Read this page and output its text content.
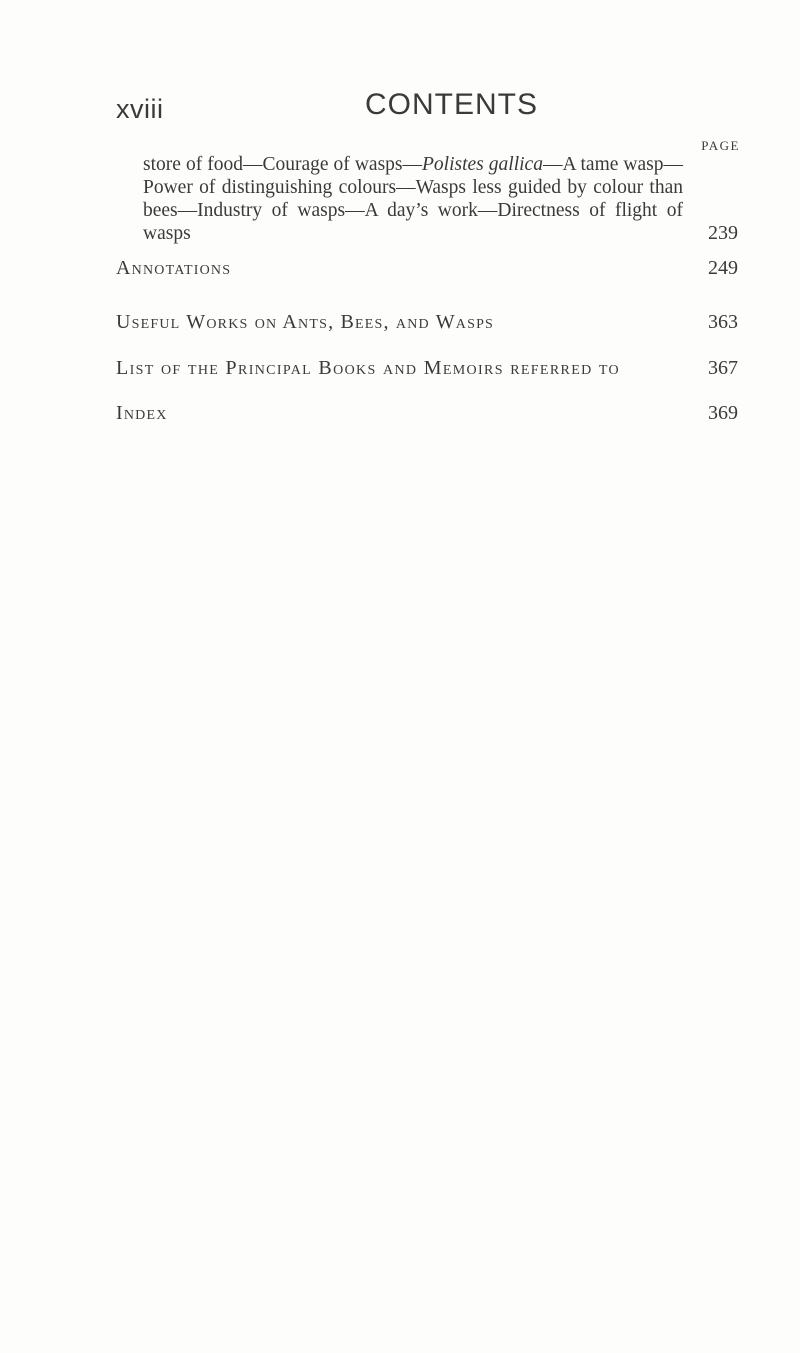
xviii	CONTENTS
PAGE
store of food—Courage of wasps—Polistes gallica—A tame wasp—Power of distinguishing colours—Wasps less guided by colour than bees—Industry of wasps—A day’s work—Directness of flight of wasps	239
Annotations	249
Useful Works on Ants, Bees, and Wasps	363
List of the Principal Books and Memoirs referred to	367
Index	369
